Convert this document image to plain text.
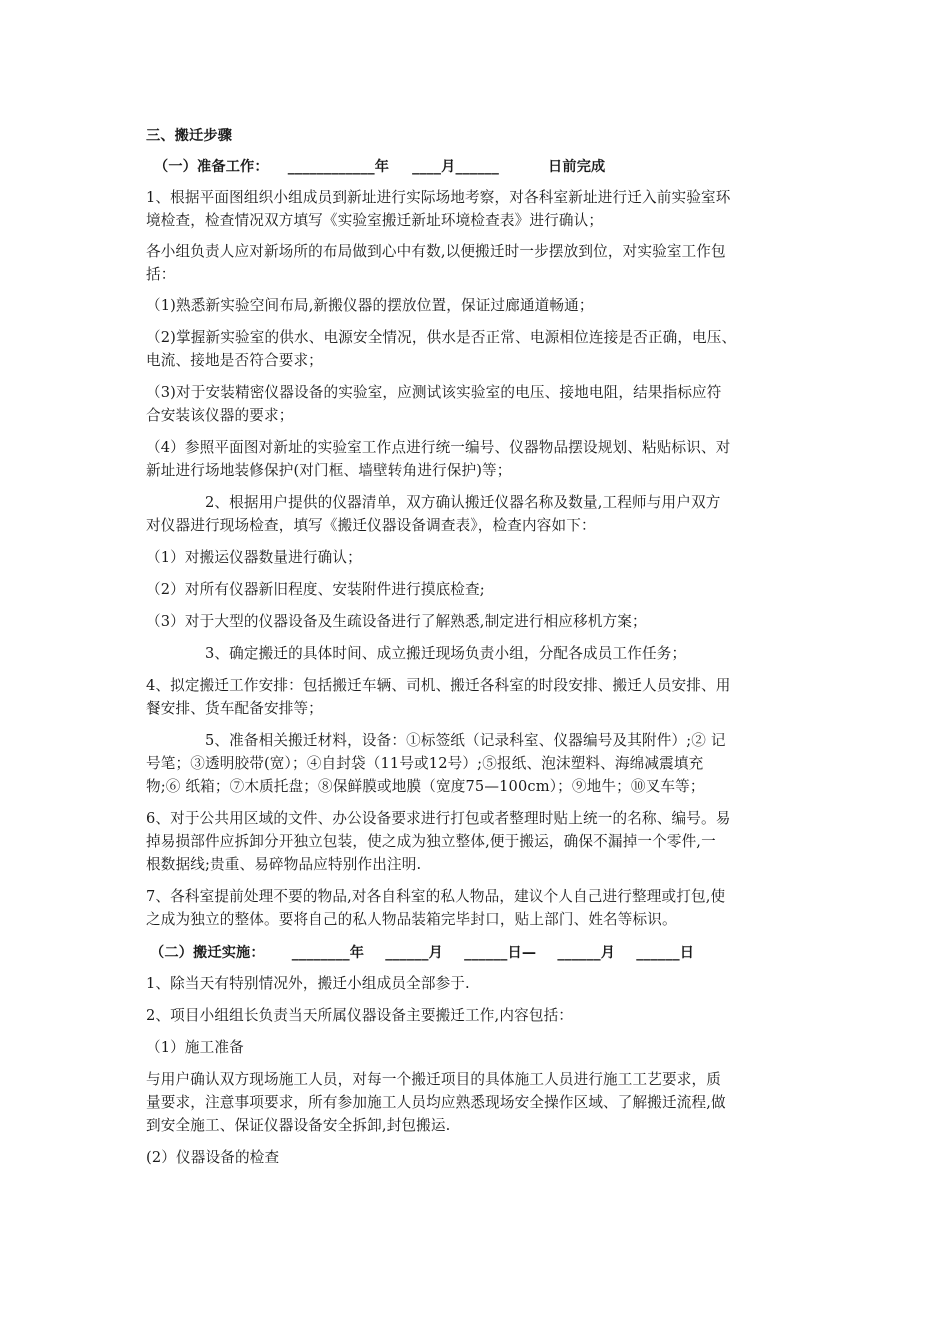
三、搬迁步骤
（一）准备工作： ____________年 ____月______	日前完成
1、根据平面图组织小组成员到新址进行实际场地考察，对各科室新址进行迁入前实验室环
境检查，检查情况双方填写《实验室搬迁新址环境检查表》进行确认；
各小组负责人应对新场所的布局做到心中有数,以便搬迁时一步摆放到位，对实验室工作包
括：
（1)熟悉新实验空间布局,新搬仪器的摆放位置，保证过廊通道畅通；
（2)掌握新实验室的供水、电源安全情况，供水是否正常、电源相位连接是否正确，电压、
电流、接地是否符合要求；
（3)对于安装精密仪器设备的实验室，应测试该实验室的电压、接地电阻，结果指标应符
合安装该仪器的要求；
（4）参照平面图对新址的实验室工作点进行统一编号、仪器物品摆设规划、粘贴标识、对
新址进行场地装修保护(对门框、墙壁转角进行保护)等；
　　　　2、根据用户提供的仪器清单，双方确认搬迁仪器名称及数量,工程师与用户双方
对仪器进行现场检查，填写《搬迁仪器设备调查表》，检查内容如下：
（1）对搬运仪器数量进行确认；
（2）对所有仪器新旧程度、安装附件进行摸底检查;
（3）对于大型的仪器设备及生疏设备进行了解熟悉,制定进行相应移机方案；
　　　　3、确定搬迁的具体时间、成立搬迁现场负责小组，分配各成员工作任务；
4、拟定搬迁工作安排：包括搬迁车辆、司机、搬迁各科室的时段安排、搬迁人员安排、用
餐安排、货车配备安排等；
　　　　5、准备相关搬迁材料，设备：①标签纸（记录科室、仪器编号及其附件）;② 记
号笔；③透明胶带(宽）；④自封袋（11号或12号）;⑤报纸、泡沫塑料、海绵减震填充
物;⑥ 纸箱；⑦木质托盘；⑧保鲜膜或地膜（宽度75—100cm）；⑨地牛；⑩叉车等；
6、对于公共用区域的文件、办公设备要求进行打包或者整理时贴上统一的名称、编号。易
掉易损部件应拆卸分开独立包装，使之成为独立整体,便于搬运，确保不漏掉一个零件,一
根数据线;贵重、易碎物品应特别作出注明.
7、各科室提前处理不要的物品,对各自科室的私人物品，建议个人自己进行整理或打包,使
之成为独立的整体。要将自己的私人物品装箱完毕封口，贴上部门、姓名等标识。
（二）搬迁实施： ________年 ______月 ______日— ______月 ______日
1、除当天有特别情况外，搬迁小组成员全部参于.
2、项目小组组长负责当天所属仪器设备主要搬迁工作,内容包括：
（1）施工准备
与用户确认双方现场施工人员，对每一个搬迁项目的具体施工人员进行施工工艺要求，质
量要求，注意事项要求，所有参加施工人员均应熟悉现场安全操作区域、了解搬迁流程,做
到安全施工、保证仪器设备安全拆卸,封包搬运.
(2）仪器设备的检查
